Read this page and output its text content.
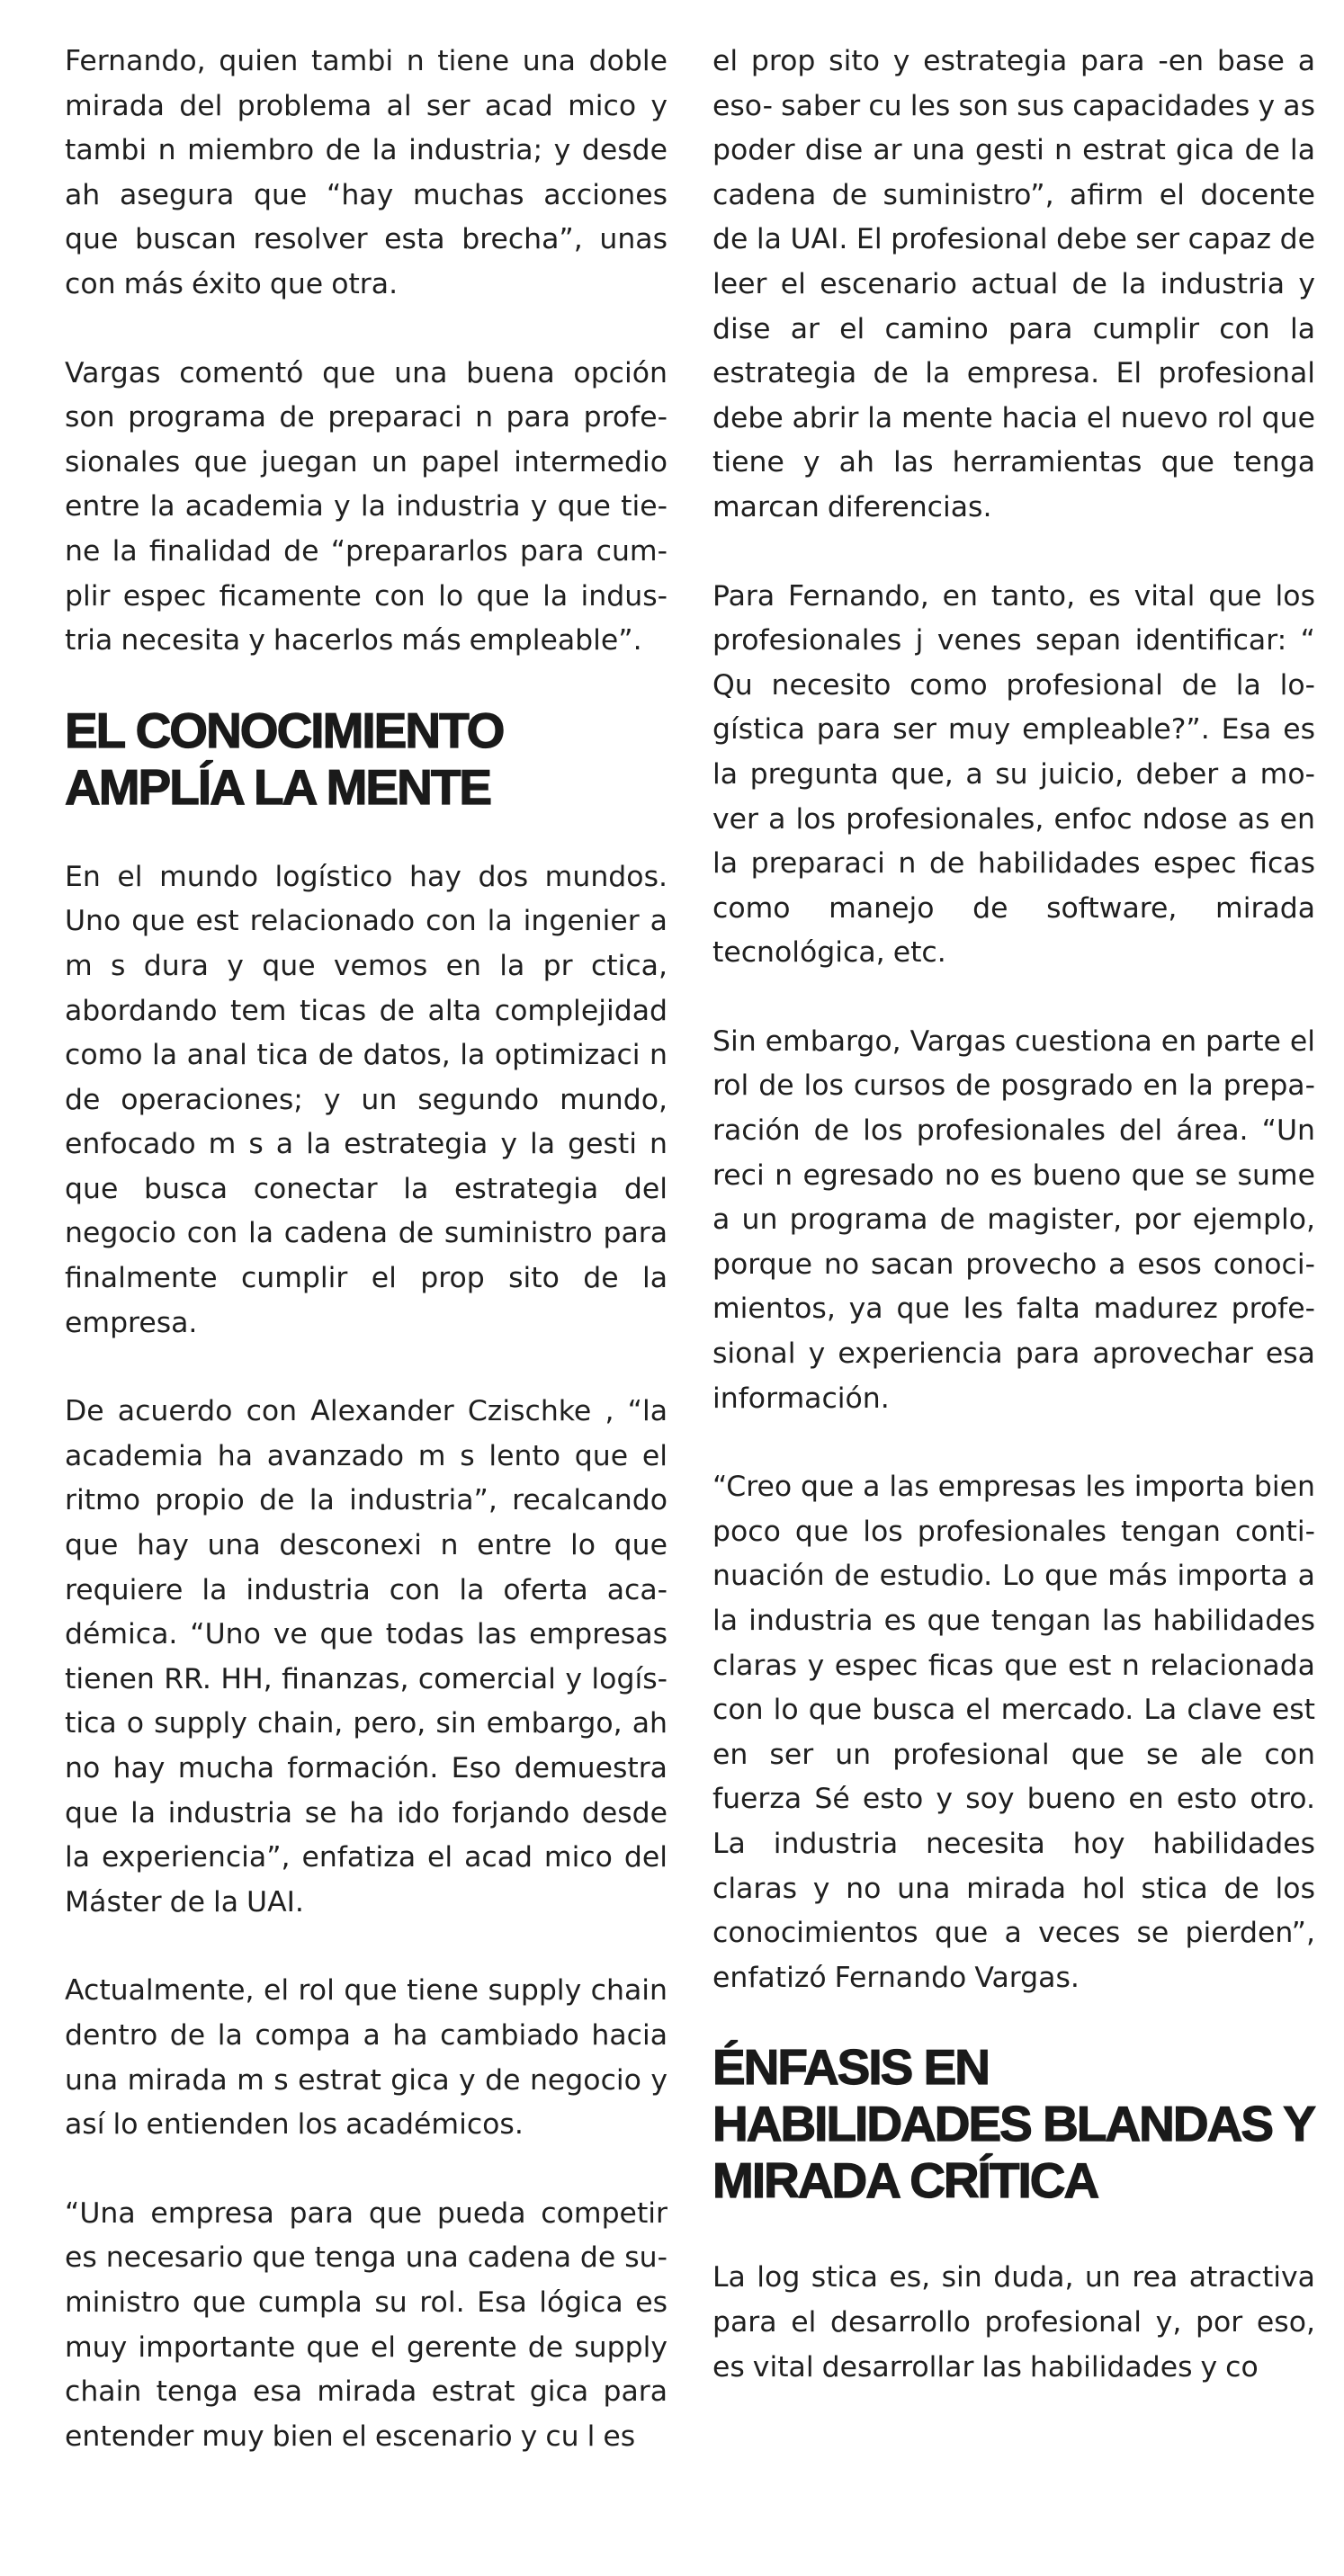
Fernando, quien tambi n tiene una doble mirada del problema al ser acad mico y tambi n miembro de la industria; y desde ah asegura que “hay muchas acciones que buscan resolver esta brecha”, unas con más éxito que otra.

Vargas comentó que una buena opción son programa de preparaci n para profesionales que juegan un papel intermedio entre la academia y la industria y que tiene la finalidad de “prepararlos para cumplir espec ficamente con lo que la industria necesita y hacerlos más empleable”.

EL CONOCIMIENTO AMPLÍA LA MENTE

En el mundo logístico hay dos mundos. Uno que est relacionado con la ingenier a m s dura y que vemos en la pr ctica, abordando tem ticas de alta complejidad como la anal tica de datos, la optimizaci n de operaciones; y un segundo mundo, enfocado m s a la estrategia y la gesti n que busca conectar la estrategia del negocio con la cadena de suministro para finalmente cumplir el prop sito de la empresa.

De acuerdo con Alexander Czischke , “la academia ha avanzado m s lento que el ritmo propio de la industria”, recalcando que hay una desconexi n entre lo que requiere la industria con la oferta académica. “Uno ve que todas las empresas tienen RR. HH, finanzas, comercial y logística o supply chain, pero, sin embargo, ah no hay mucha formación. Eso demuestra que la industria se ha ido forjando desde la experiencia”, enfatiza el acad mico del Máster de la UAI.

Actualmente, el rol que tiene supply chain dentro de la compa a ha cambiado hacia una mirada m s estrat gica y de negocio y así lo entienden los académicos.

“Una empresa para que pueda competir es necesario que tenga una cadena de suministro que cumpla su rol. Esa lógica es muy importante que el gerente de supply chain tenga esa mirada estrat gica para entender muy bien el escenario y cu l es

el prop sito y estrategia para -en base a eso- saber cu les son sus capacidades y as poder dise ar una gesti n estrat gica de la cadena de suministro”, afirm el docente de la UAI. El profesional debe ser capaz de leer el escenario actual de la industria y dise ar el camino para cumplir con la estrategia de la empresa. El profesional debe abrir la mente hacia el nuevo rol que tiene y ah las herramientas que tenga marcan diferencias.

Para Fernando, en tanto, es vital que los profesionales j venes sepan identificar: “ Qu necesito como profesional de la logística para ser muy empleable?”. Esa es la pregunta que, a su juicio, deber a mover a los profesionales, enfoc ndose as en la preparaci n de habilidades espec ficas como manejo de software, mirada tecnológica, etc.

Sin embargo, Vargas cuestiona en parte el rol de los cursos de posgrado en la preparación de los profesionales del área. “Un reci n egresado no es bueno que se sume a un programa de magister, por ejemplo, porque no sacan provecho a esos conocimientos, ya que les falta madurez profesional y experiencia para aprovechar esa información.

“Creo que a las empresas les importa bien poco que los profesionales tengan continuación de estudio. Lo que más importa a la industria es que tengan las habilidades claras y espec ficas que est n relacionada con lo que busca el mercado. La clave est en ser un profesional que se ale con fuerza Sé esto y soy bueno en esto otro. La industria necesita hoy habilidades claras y no una mirada hol stica de los conocimientos que a veces se pierden”, enfatizó Fernando Vargas.

ÉNFASIS EN HABILIDADES BLANDAS Y MIRADA CRÍTICA

La log stica es, sin duda, un rea atractiva para el desarrollo profesional y, por eso, es vital desarrollar las habilidades y co
